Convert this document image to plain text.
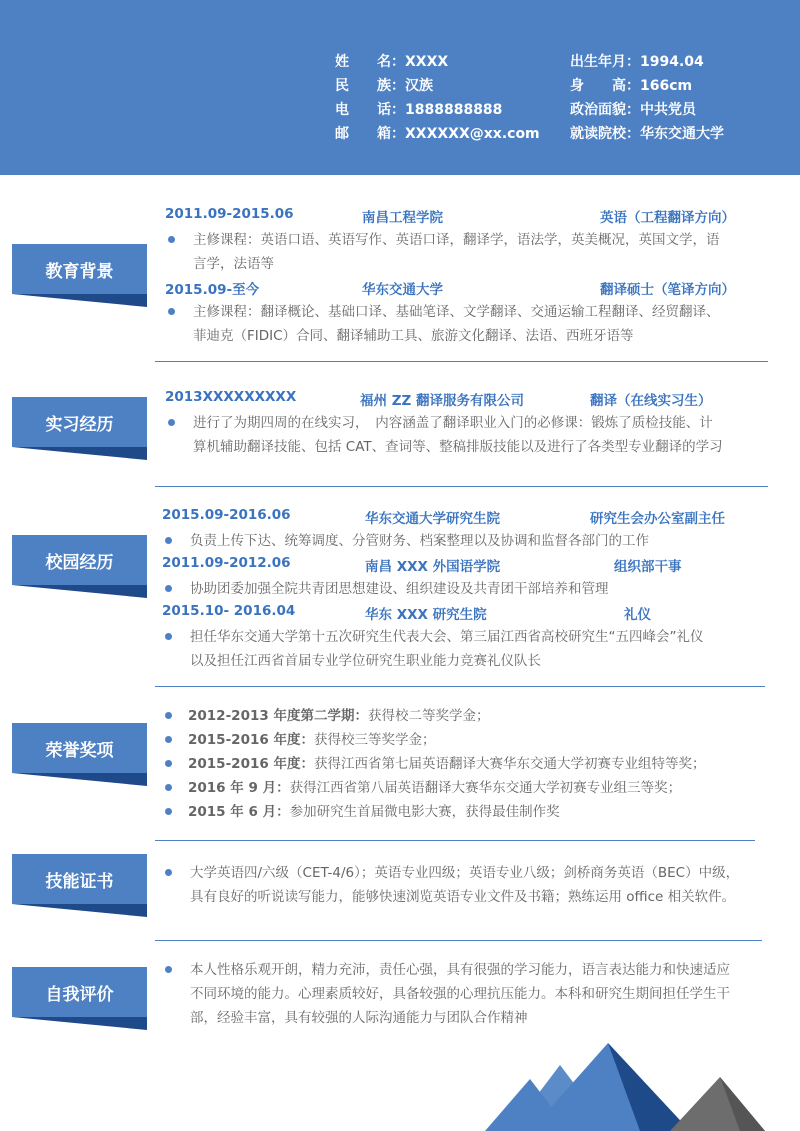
姓　　名：XXXX
民　　族：汉族
电　　话：1888888888
邮　　箱：XXXXXX@xx.com
出生年月：1994.04
身　　高：166cm
政治面貌：中共党员
就读院校：华东交通大学
教育背景
2011.09-2015.06	南昌工程学院	英语（工程翻译方向）
主修课程：英语口语、英语写作、英语口译，翻译学，语法学，英美概况，英国文学，语
言学，法语等
2015.09-至今	华东交通大学	翻译硕士（笔译方向）
主修课程：翻译概论、基础口译、基础笔译、文学翻译、交通运输工程翻译、经贸翻译、
菲迪克（FIDIC）合同、翻译辅助工具、旅游文化翻译、法语、西班牙语等
实习经历
2013XXXXXXXXX	福州 ZZ 翻译服务有限公司	翻译（在线实习生）
进行了为期四周的在线实习，　内容涵盖了翻译职业入门的必修课：锻炼了质检技能、计
算机辅助翻译技能、包括 CAT、查词等、整稿排版技能以及进行了各类型专业翻译的学习
校园经历
2015.09-2016.06	华东交通大学研究生院	研究生会办公室副主任
负责上传下达、统筹调度、分管财务、档案整理以及协调和监督各部门的工作
2011.09-2012.06	南昌 XXX 外国语学院	组织部干事
协助团委加强全院共青团思想建设、组织建设及共青团干部培养和管理
2015.10- 2016.04	华东 XXX 研究生院	礼仪
担任华东交通大学第十五次研究生代表大会、第三届江西省高校研究生“五四峰会”礼仪
以及担任江西省首届专业学位研究生职业能力竞赛礼仪队长
荣誉奖项
2012-2013 年度第二学期：获得校二等奖学金；
2015-2016 年度：获得校三等奖学金；
2015-2016 年度：获得江西省第七届英语翻译大赛华东交通大学初赛专业组特等奖；
2016 年 9 月：获得江西省第八届英语翻译大赛华东交通大学初赛专业组三等奖；
2015 年 6 月：参加研究生首届微电影大赛，获得最佳制作奖
技能证书	大学英语四/六级（CET-4/6）；英语专业四级；英语专业八级；剑桥商务英语（BEC）中级，
具有良好的听说读写能力，能够快速浏览英语专业文件及书籍；熟练运用 office 相关软件。
自我评价
本人性格乐观开朗，精力充沛，责任心强，具有很强的学习能力，语言表达能力和快速适应
不同环境的能力。心理素质较好，具备较强的心理抗压能力。本科和研究生期间担任学生干
部，经验丰富，具有较强的人际沟通能力与团队合作精神
